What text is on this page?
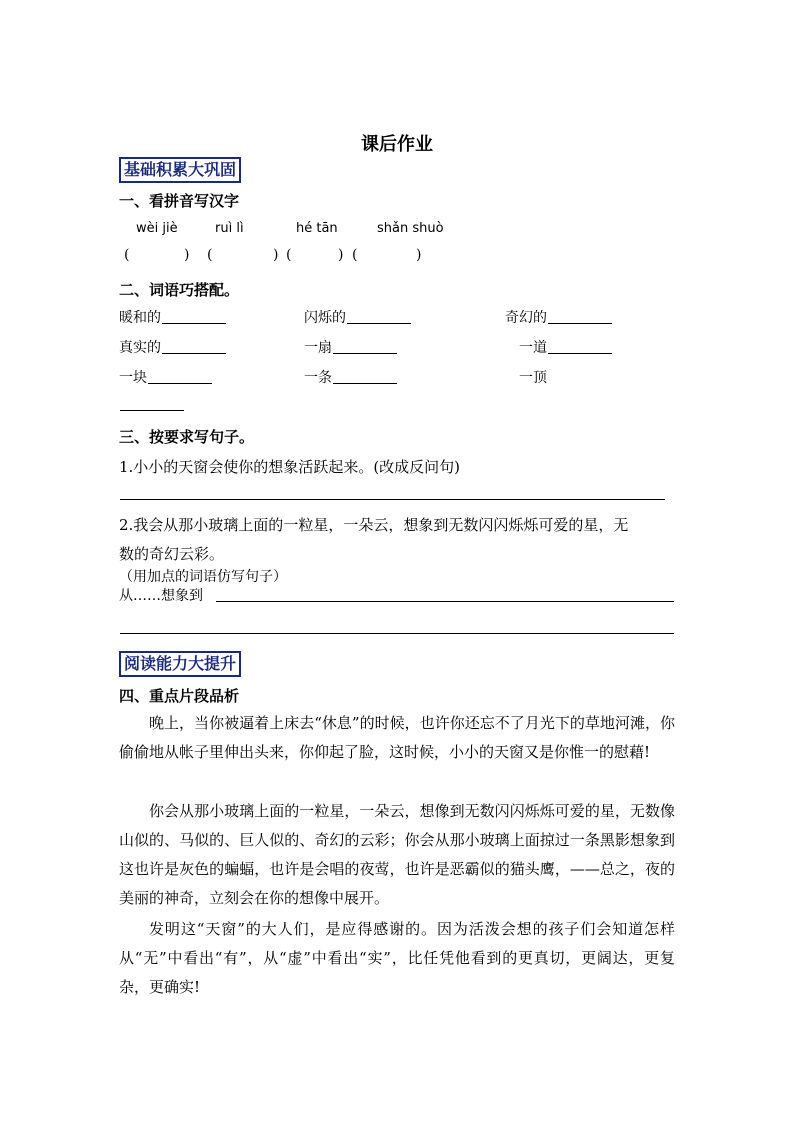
课后作业
基础积累大巩固
一、看拼音写汉字
wèi jiè	ruì lì	hé tān	shǎn shuò
(	) (	) (	) (	)
二、词语巧搭配。
暖和的	闪烁的	奇幻的
真实的	一扇	一道
一块	一条	一顶
三、按要求写句子。
1.小小的天窗会使你的想象活跃起来。(改成反问句)
2.我会从那小玻璃上面的一粒星，一朵云，想象到无数闪闪烁烁可爱的星，无
数的奇幻云彩。
（用加点的词语仿写句子）
从……想象到
阅读能力大提升
四、重点片段品析
晚上，当你被逼着上床去“休息”的时候，也许你还忘不了月光下的草地河滩，你偷偷地从帐子里伸出头来，你仰起了脸，这时候，小小的天窗又是你惟一的慰藉!
你会从那小玻璃上面的一粒星，一朵云，想像到无数闪闪烁烁可爱的星，无数像山似的、马似的、巨人似的、奇幻的云彩；你会从那小玻璃上面掠过一条黑影想象到这也许是灰色的蝙蝠，也许是会唱的夜莺，也许是恶霸似的猫头鹰，——总之，夜的美丽的神奇，立刻会在你的想像中展开。
发明这“天窗”的大人们，是应得感谢的。因为活泼会想的孩子们会知道怎样从“无”中看出“有”，从“虚”中看出“实”，比任凭他看到的更真切，更阔达，更复杂，更确实!
